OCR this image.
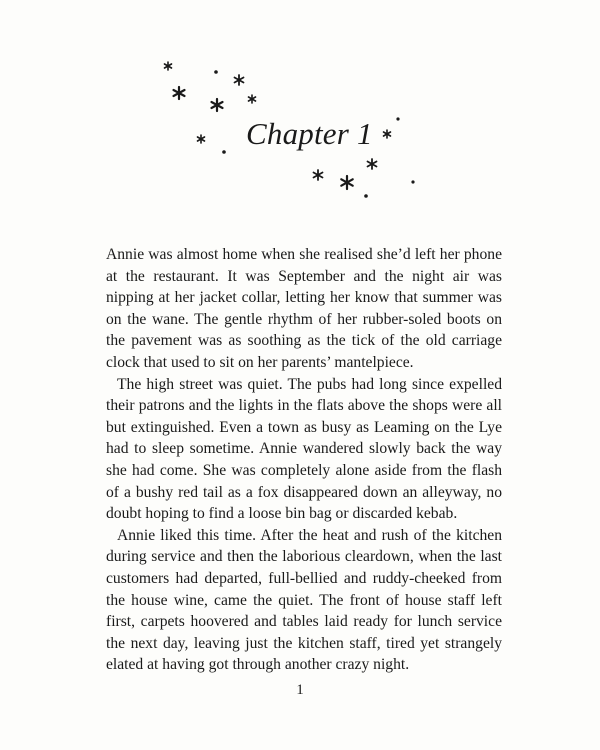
Chapter 1

Annie was almost home when she realised she’d left her phone at the restaurant. It was September and the night air was nipping at her jacket collar, letting her know that summer was on the wane. The gentle rhythm of her rubber-soled boots on the pavement was as soothing as the tick of the old carriage clock that used to sit on her parents’ mantelpiece.

The high street was quiet. The pubs had long since expelled their patrons and the lights in the flats above the shops were all but extinguished. Even a town as busy as Leaming on the Lye had to sleep sometime. Annie wandered slowly back the way she had come. She was completely alone aside from the flash of a bushy red tail as a fox disappeared down an alleyway, no doubt hoping to find a loose bin bag or discarded kebab.

Annie liked this time. After the heat and rush of the kitchen during service and then the laborious cleardown, when the last customers had departed, full-bellied and ruddy-cheeked from the house wine, came the quiet. The front of house staff left first, carpets hoovered and tables laid ready for lunch service the next day, leaving just the kitchen staff, tired yet strangely elated at having got through another crazy night.

1
